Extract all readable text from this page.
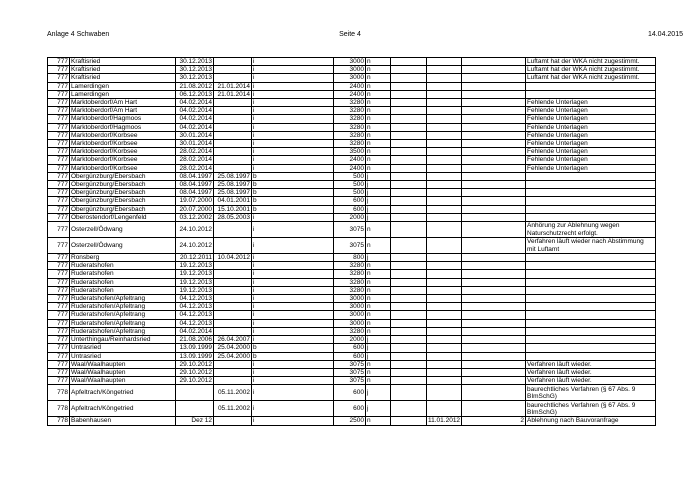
Anlage 4 Schwaben	Seite 4	14.04.2015
777	Kraftisried	30.12.2013		i	3000	n				Luftamt hat der WKA nicht zugestimmt.
777	Kraftisried	30.12.2013		i	3000	n				Luftamt hat der WKA nicht zugestimmt.
777	Kraftisried	30.12.2013		i	3000	n				Luftamt hat der WKA nicht zugestimmt.
777	Lamerdingen	21.08.2012	21.01.2014	i	2400	n				
777	Lamerdingen	06.12.2013	21.01.2014	i	2400	n				
777	Marktoberdorf/Am Hart	04.02.2014		i	3280	n				Fehlende Unterlagen
777	Marktoberdorf/Am Hart	04.02.2014		i	3280	n				Fehlende Unterlagen
777	Marktoberdorf/Hagmoos	04.02.2014		i	3280	n				Fehlende Unterlagen
777	Marktoberdorf/Hagmoos	04.02.2014		i	3280	n				Fehlende Unterlagen
777	Marktoberdorf/Korbsee	30.01.2014		i	3280	n				Fehlende Unterlagen
777	Marktoberdorf/Korbsee	30.01.2014		i	3280	n				Fehlende Unterlagen
777	Marktoberdorf/Korbsee	28.02.2014		i	3500	n				Fehlende Unterlagen
777	Marktoberdorf/Korbsee	28.02.2014		i	2400	n				Fehlende Unterlagen
777	Marktoberdorf/Korbsee	28.02.2014		i	2400	n				Fehlende Unterlagen
777	Obergünzburg/Ebersbach	08.04.1997	25.08.1997	b	500	j				
777	Obergünzburg/Ebersbach	08.04.1997	25.08.1997	b	500	j				
777	Obergünzburg/Ebersbach	08.04.1997	25.08.1997	b	500	j				
777	Obergünzburg/Ebersbach	19.07.2000	04.01.2001	b	600	j				
777	Obergünzburg/Ebersbach	20.07.2000	15.10.2001	b	600	j				
777	Oberostendorf/Lengenfeld	03.12.2002	28.05.2003	i	2000	j				
777	Osterzell/Ödwang	24.10.2012		i	3075	n				Anhörung zur Ablehnung wegen Naturschutzrecht erfolgt.
777	Osterzell/Ödwang	24.10.2012		i	3075	n				Verfahren läuft wieder nach Abstimmung mit Luftamt
777	Ronsberg	20.12.2011	10.04.2012	i	800	j				
777	Ruderatshofen	19.12.2013		i	3280	n				
777	Ruderatshofen	19.12.2013		i	3280	n				
777	Ruderatshofen	19.12.2013		i	3280	n				
777	Ruderatshofen	19.12.2013		i	3280	n				
777	Ruderatshofen/Apfeltrang	04.12.2013		i	3000	n				
777	Ruderatshofen/Apfeltrang	04.12.2013		i	3000	n				
777	Ruderatshofen/Apfeltrang	04.12.2013		i	3000	n				
777	Ruderatshofen/Apfeltrang	04.12.2013		i	3000	n				
777	Ruderatshofen/Apfeltrang	04.02.2014		i	3280	n				
777	Unterthingau/Reinhardsried	21.08.2006	26.04.2007	i	2000	j				
777	Untrasried	13.09.1999	25.04.2000	b	600	j				
777	Untrasried	13.09.1999	25.04.2000	b	600	j				
777	Waal/Waalhaupten	29.10.2012		i	3075	n				Verfahren läuft wieder.
777	Waal/Waalhaupten	29.10.2012		i	3075	n				Verfahren läuft wieder.
777	Waal/Waalhaupten	29.10.2012		i	3075	n				Verfahren läuft wieder.
778	Apfeltrach/Köngetried		05.11.2002	i	600	j				baurechtliches Verfahren (§ 67 Abs. 9 BImSchG)
778	Apfeltrach/Köngetried		05.11.2002	i	600	j				baurechtliches Verfahren (§ 67 Abs. 9 BImSchG)
778	Babenhausen	Dez 12		i	2500	n		11.01.2012	2	Ablehnung nach Bauvoranfrage
